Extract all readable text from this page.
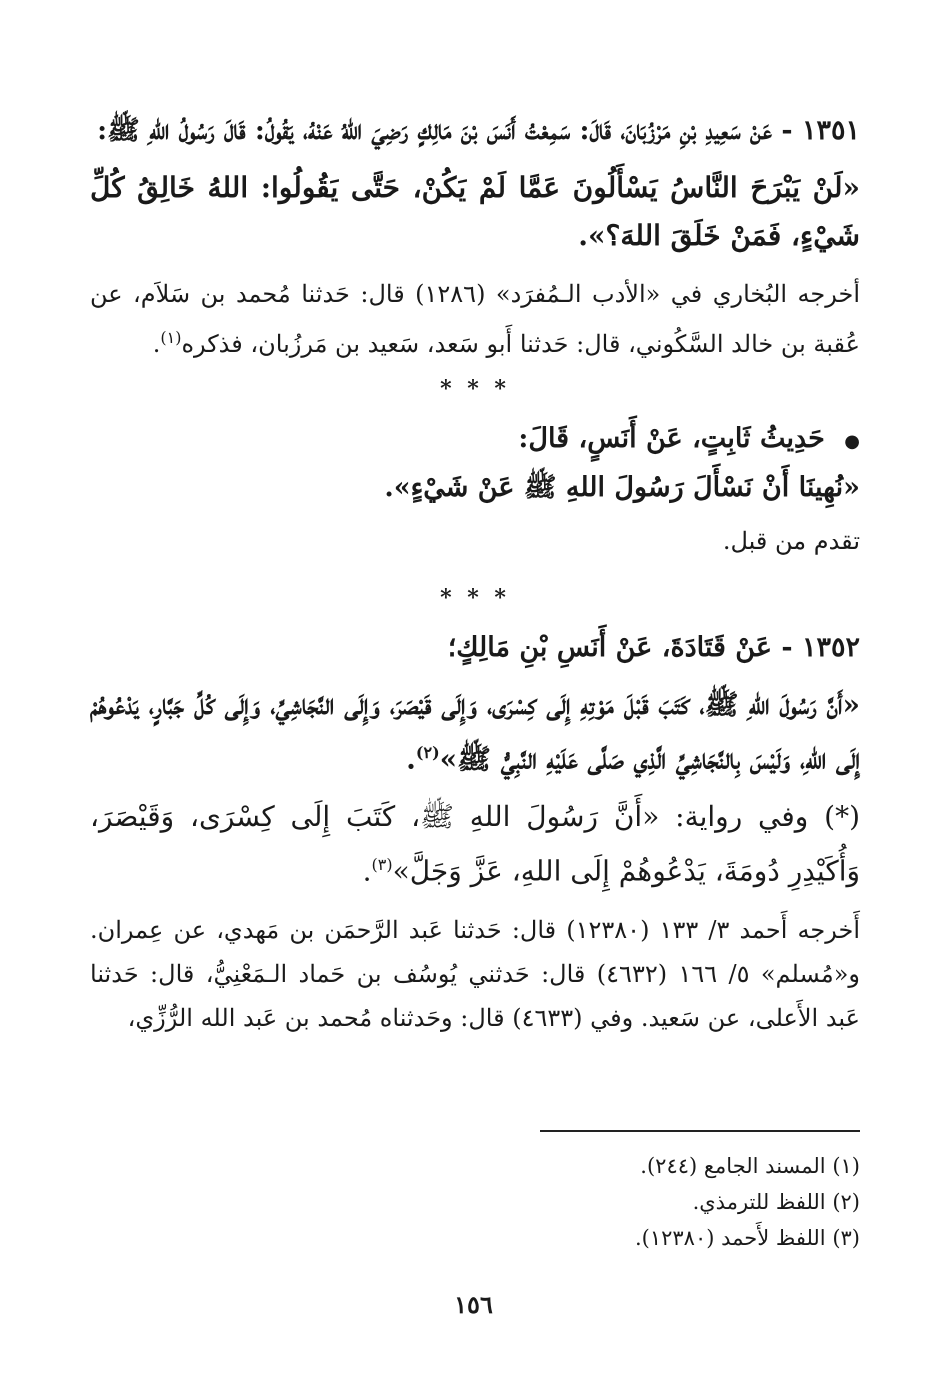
١٣٥١ - عَنْ سَعِيدِ بْنِ مَرْزُبَانَ، قَالَ: سَمِعْتُ أَنَسَ بْنَ مَالِكٍ رَضِيَ اللهُ عَنْهُ، يَقُولُ: قَالَ رَسُولُ اللهِ ﷺ:

«لَنْ يَبْرَحَ النَّاسُ يَسْأَلُونَ عَمَّا لَمْ يَكُنْ، حَتَّى يَقُولُوا: اللهُ خَالِقُ كُلِّ شَيْءٍ، فَمَنْ خَلَقَ اللهَ؟».

أخرجه البُخاري في «الأدب الـمُفرَد» (١٢٨٦) قال: حَدثنا مُحمد بن سَلاَم، عن عُقبة بن خالد السَّكُوني، قال: حَدثنا أَبو سَعد، سَعيد بن مَرزُبان، فذكره$^{(١)}$.

* * *
● حَدِيثُ ثَابِتٍ، عَنْ أَنَسٍ، قَالَ:
«نُهِينَا أَنْ نَسْأَلَ رَسُولَ اللهِ ﷺ عَنْ شَيْءٍ».
تقدم من قبل.
* * *

١٣٥٢ - عَنْ قَتَادَةَ، عَنْ أَنَسِ بْنِ مَالِكٍ؛

«أَنَّ رَسُولَ اللهِ ﷺ، كَتَبَ قَبْلَ مَوْتِهِ إِلَى كِسْرَى، وَإِلَى قَيْصَرَ، وَإِلَى النَّجَاشِيِّ، وَإِلَى كُلِّ جَبَّارٍ، يَدْعُوهُمْ إِلَى اللهِ، وَلَيْسَ بِالنَّجَاشِيِّ الَّذِي صَلَّى عَلَيْهِ النَّبِيُّ ﷺ»$^{(٢)}$.

(*) وفي رواية: «أَنَّ رَسُولَ اللهِ ﷺ، كَتَبَ إِلَى كِسْرَى، وَقَيْصَرَ، وَأُكَيْدِرِ دُومَةَ، يَدْعُوهُمْ إِلَى اللهِ، عَزَّ وَجَلَّ»$^{(٣)}$.

أَخرجه أَحمد ٣/ ١٣٣ (١٢٣٨٠) قال: حَدثنا عَبد الرَّحمَن بن مَهدي، عن عِمران. و«مُسلم» ٥/ ١٦٦ (٤٦٣٢) قال: حَدثني يُوسُف بن حَماد الـمَعْنِيُّ، قال: حَدثنا عَبد الأَعلى، عن سَعيد. وفي (٤٦٣٣) قال: وحَدثناه مُحمد بن عَبد الله الرُّزِّي،

(١) المسند الجامع (٢٤٤).
(٢) اللفظ للترمذي.
(٣) اللفظ لأَحمد (١٢٣٨٠).
١٥٦
